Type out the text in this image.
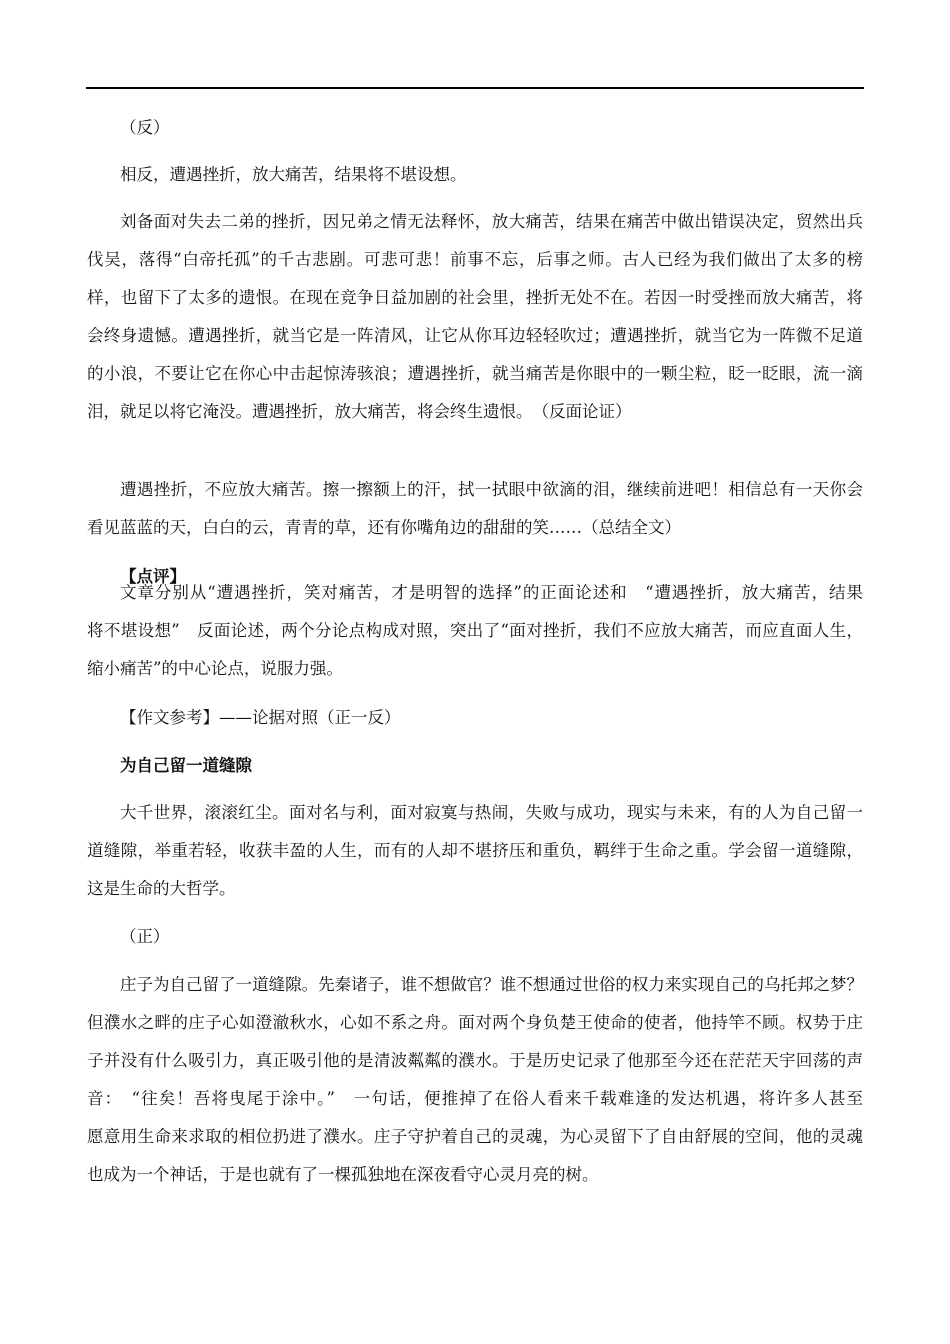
（反）
相反，遭遇挫折，放大痛苦，结果将不堪设想。
刘备面对失去二弟的挫折，因兄弟之情无法释怀，放大痛苦，结果在痛苦中做出错误决定，贸然出兵
伐吴，落得“白帝托孤”的千古悲剧。可悲可悲！前事不忘，后事之师。古人已经为我们做出了太多的榜
样，也留下了太多的遗恨。在现在竞争日益加剧的社会里，挫折无处不在。若因一时受挫而放大痛苦，将
会终身遗憾。遭遇挫折，就当它是一阵清风，让它从你耳边轻轻吹过；遭遇挫折，就当它为一阵微不足道
的小浪，不要让它在你心中击起惊涛骇浪；遭遇挫折，就当痛苦是你眼中的一颗尘粒，眨一眨眼，流一滴
泪，就足以将它淹没。遭遇挫折，放大痛苦，将会终生遗恨。　（反面论证）
遭遇挫折，不应放大痛苦。擦一擦额上的汗，拭一拭眼中欲滴的泪，继续前进吧！相信总有一天你会
看见蓝蓝的天，白白的云，青青的草，还有你嘴角边的甜甜的笑……（总结全文）
【点评】
文章分别从“遭遇挫折，笑对痛苦，才是明智的选择”的正面论述和　“遭遇挫折，放大痛苦，结果
将不堪设想”　反面论述，两个分论点构成对照，突出了“面对挫折，我们不应放大痛苦，而应直面人生，
缩小痛苦”的中心论点，说服力强。
【作文参考】——论据对照（正一反）
为自己留一道缝隙
大千世界，滚滚红尘。面对名与利，面对寂寞与热闹，失败与成功，现实与未来，有的人为自己留一
道缝隙，举重若轻，收获丰盈的人生，而有的人却不堪挤压和重负，羁绊于生命之重。学会留一道缝隙，
这是生命的大哲学。
（正）
庄子为自己留了一道缝隙。先秦诸子，谁不想做官？谁不想通过世俗的权力来实现自己的乌托邦之梦？
但濮水之畔的庄子心如澄澈秋水，心如不系之舟。面对两个身负楚王使命的使者，他持竿不顾。权势于庄
子并没有什么吸引力，真正吸引他的是清波粼粼的濮水。于是历史记录了他那至今还在茫茫天宇回荡的声
音：　“往矣！吾将曳尾于涂中。”　一句话，便推掉了在俗人看来千载难逢的发达机遇，将许多人甚至
愿意用生命来求取的相位扔进了濮水。庄子守护着自己的灵魂，为心灵留下了自由舒展的空间，他的灵魂
也成为一个神话，于是也就有了一棵孤独地在深夜看守心灵月亮的树。
